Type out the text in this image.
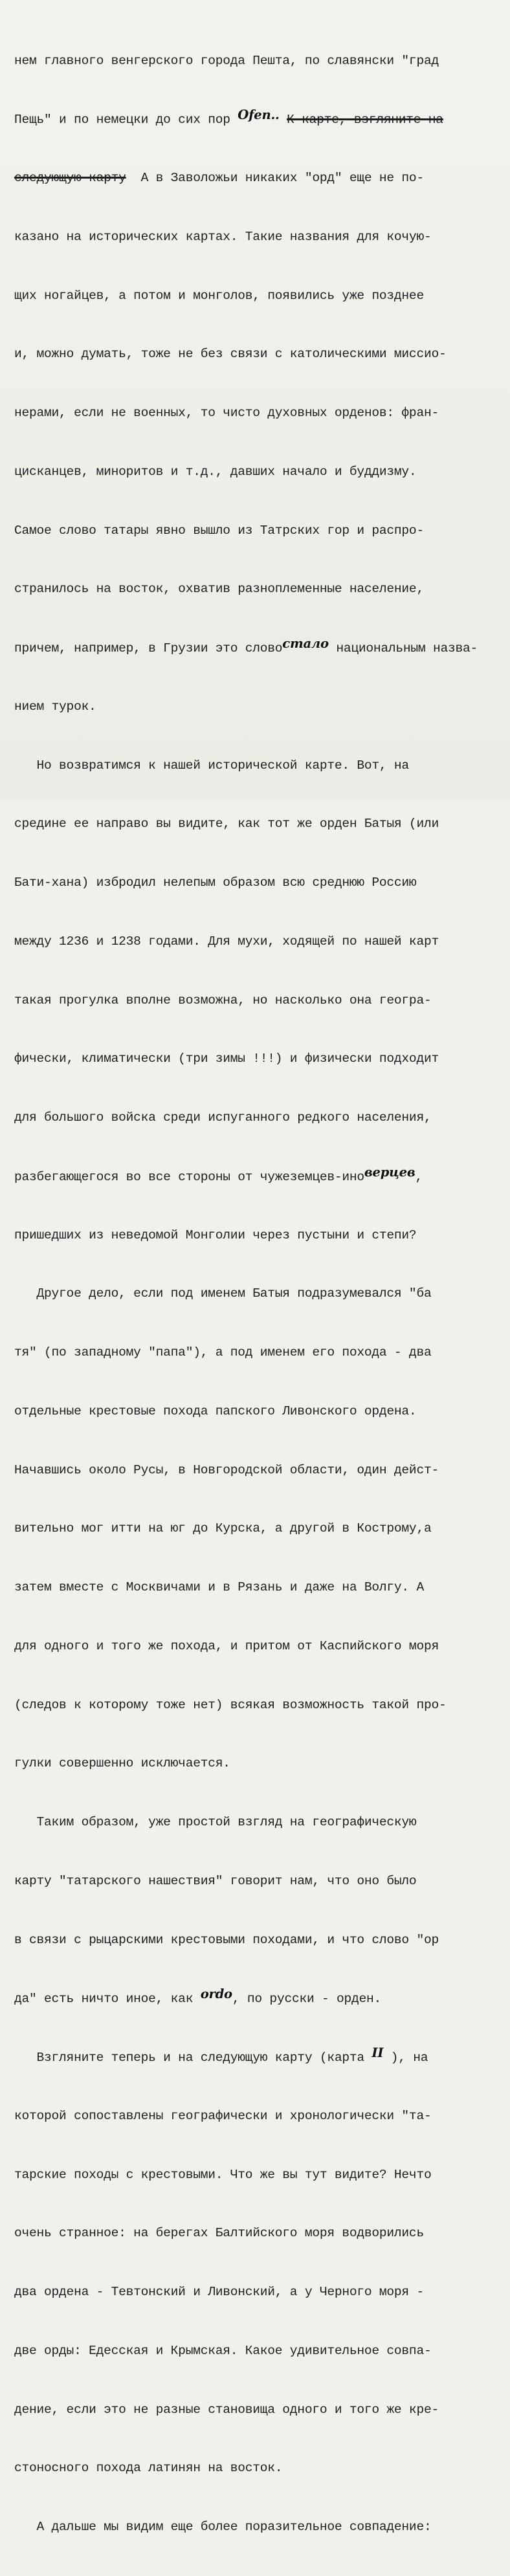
нем главного венгерского города Пешта, по славянски "град

Пещь" и по немецки до сих пор Ofen.. К карте, взгляните на

следующую карту  А в Заволожьи никаких "орд" еще не по-

казано на исторических картах. Такие названия для кочую-

щих ногайцев, а потом и монголов, появились уже позднее

и, можно думать, тоже не без связи с католическими миссио-

нерами, если не военных, то чисто духовных орденов: фран-

цисканцев, миноритов и т.д., давших начало и буддизму.

Самое слово татары явно вышло из Татрских гор и распро-

странилось на восток, охватив разноплеменные население,

причем, например, в Грузии это словостало национальным назва-

нием турок.

Но возвратимся к нашей исторической карте. Вот, на

средине ее направо вы видите, как тот же орден Батыя (или

Бати-хана) избродил нелепым образом всю среднюю Россию

между 1236 и 1238 годами. Для мухи, ходящей по нашей карт

такая прогулка вполне возможна, но насколько она геогра-

фически, климатически (три зимы !!!) и физически подходит

для большого войска среди испуганного редкого населения,

разбегающегося во все стороны от чужеземцев-иноверцев,

пришедших из неведомой Монголии через пустыни и степи?

Другое дело, если под именем Батыя подразумевался "ба

тя" (по западному "папа"), а под именем его похода - два

отдельные крестовые похода папского Ливонского ордена.

Начавшись около Русы, в Новгородской области, один дейст-

вительно мог итти на юг до Курска, а другой в Кострому,а

затем вместе с Москвичами и в Рязань и даже на Волгу. А

для одного и того же похода, и притом от Каспийского моря

(следов к которому тоже нет) всякая возможность такой про-

гулки совершенно исключается.

Таким образом, уже простой взгляд на географическую

карту "татарского нашествия" говорит нам, что оно было

в связи с рыцарскими крестовыми походами, и что слово "ор

да" есть ничто иное, как ordo, по русски - орден.

Взгляните теперь и на следующую карту (карта II ), на

которой сопоставлены географически и хронологически "та-

тарские походы с крестовыми. Что же вы тут видите? Нечто

очень странное: на берегах Балтийского моря водворились

два ордена - Тевтонский и Ливонский, а у Черного моря -

две орды: Едесская и Крымская. Какое удивительное совпа-

дение, если это не разные становища одного и того же кре-

стоносного похода латинян на восток.

А дальше мы видим еще более поразительное совпадение:
